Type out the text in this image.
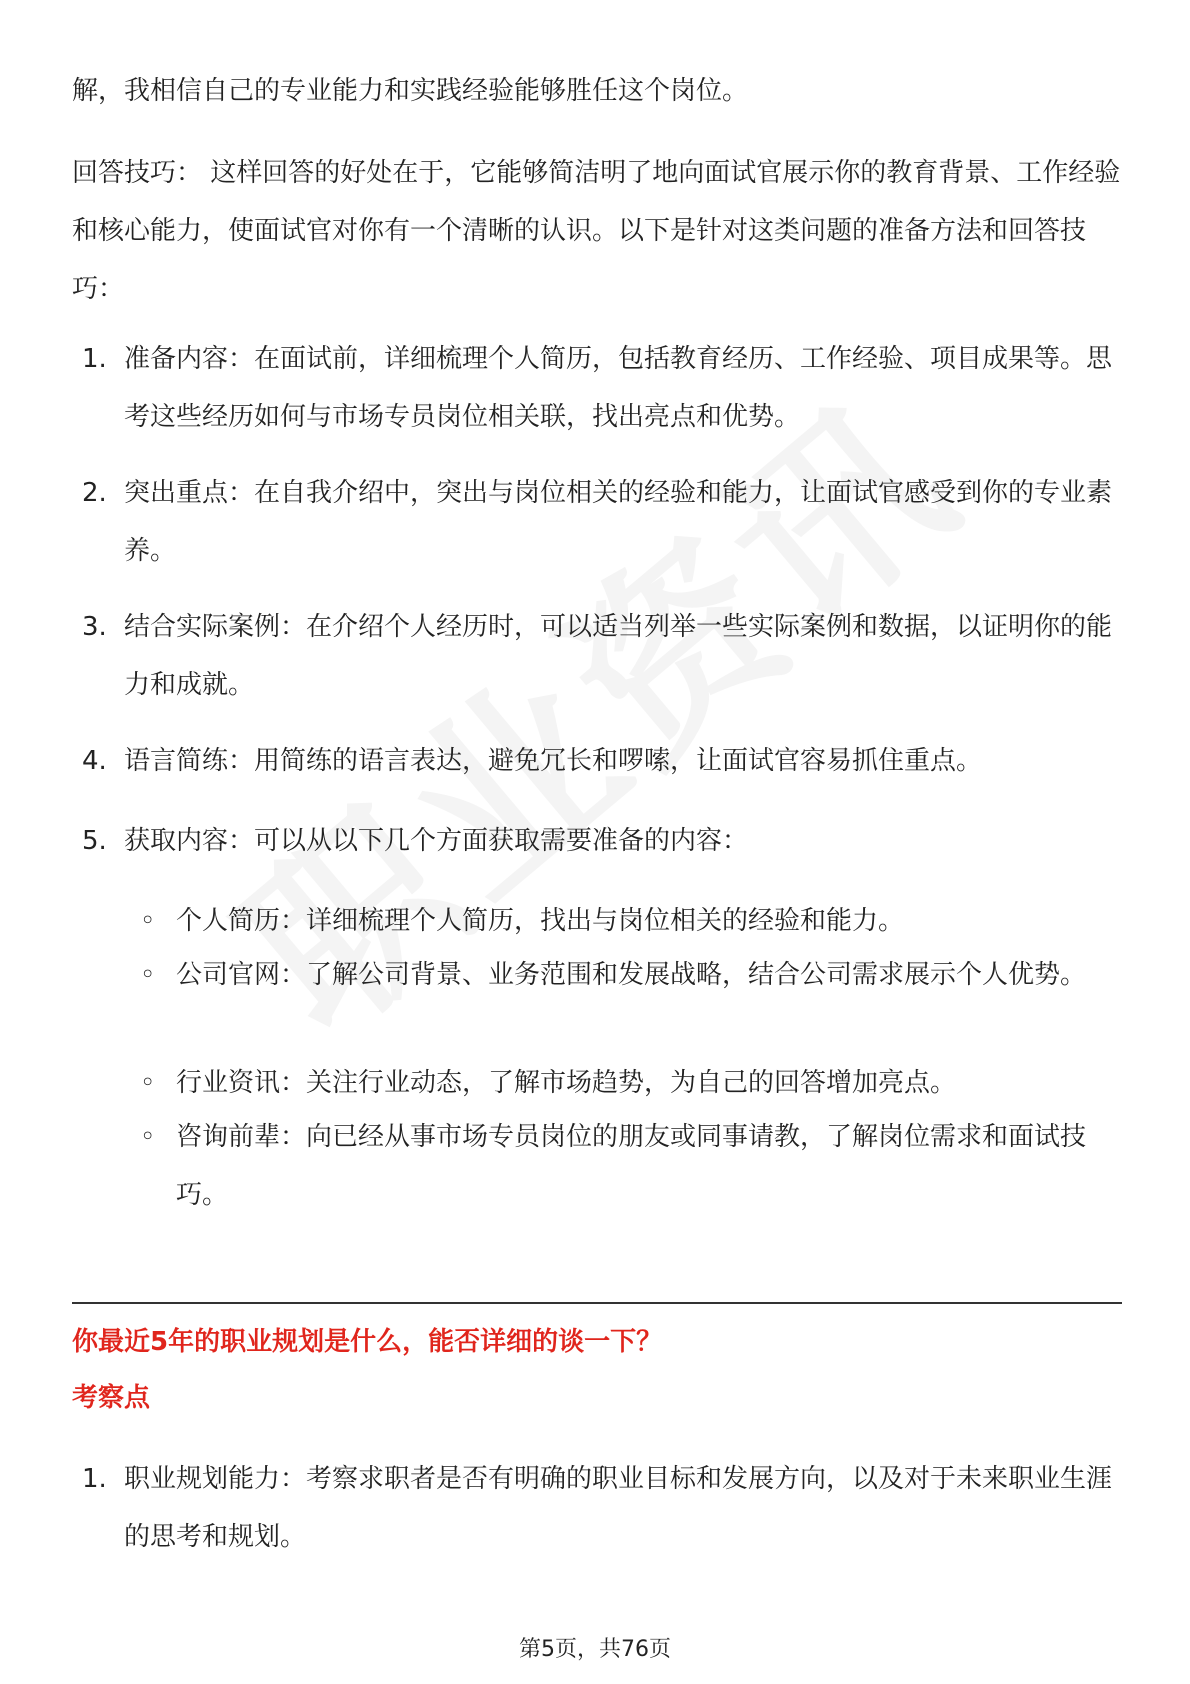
解，我相信自己的专业能力和实践经验能够胜任这个岗位。

回答技巧： 这样回答的好处在于，它能够简洁明了地向面试官展示你的教育背景、工作经验和核心能力，使面试官对你有一个清晰的认识。以下是针对这类问题的准备方法和回答技巧：

1. 准备内容：在面试前，详细梳理个人简历，包括教育经历、工作经验、项目成果等。思考这些经历如何与市场专员岗位相关联，找出亮点和优势。
2. 突出重点：在自我介绍中，突出与岗位相关的经验和能力，让面试官感受到你的专业素养。
3. 结合实际案例：在介绍个人经历时，可以适当列举一些实际案例和数据，以证明你的能力和成就。
4. 语言简练：用简练的语言表达，避免冗长和啰嗦，让面试官容易抓住重点。
5. 获取内容：可以从以下几个方面获取需要准备的内容：
◦ 个人简历：详细梳理个人简历，找出与岗位相关的经验和能力。
◦ 公司官网：了解公司背景、业务范围和发展战略，结合公司需求展示个人优势。
◦ 行业资讯：关注行业动态，了解市场趋势，为自己的回答增加亮点。
◦ 咨询前辈：向已经从事市场专员岗位的朋友或同事请教，了解岗位需求和面试技巧。
你最近5年的职业规划是什么，能否详细的谈一下？
考察点
1. 职业规划能力：考察求职者是否有明确的职业目标和发展方向，以及对于未来职业生涯的思考和规划。
第5页，共76页
